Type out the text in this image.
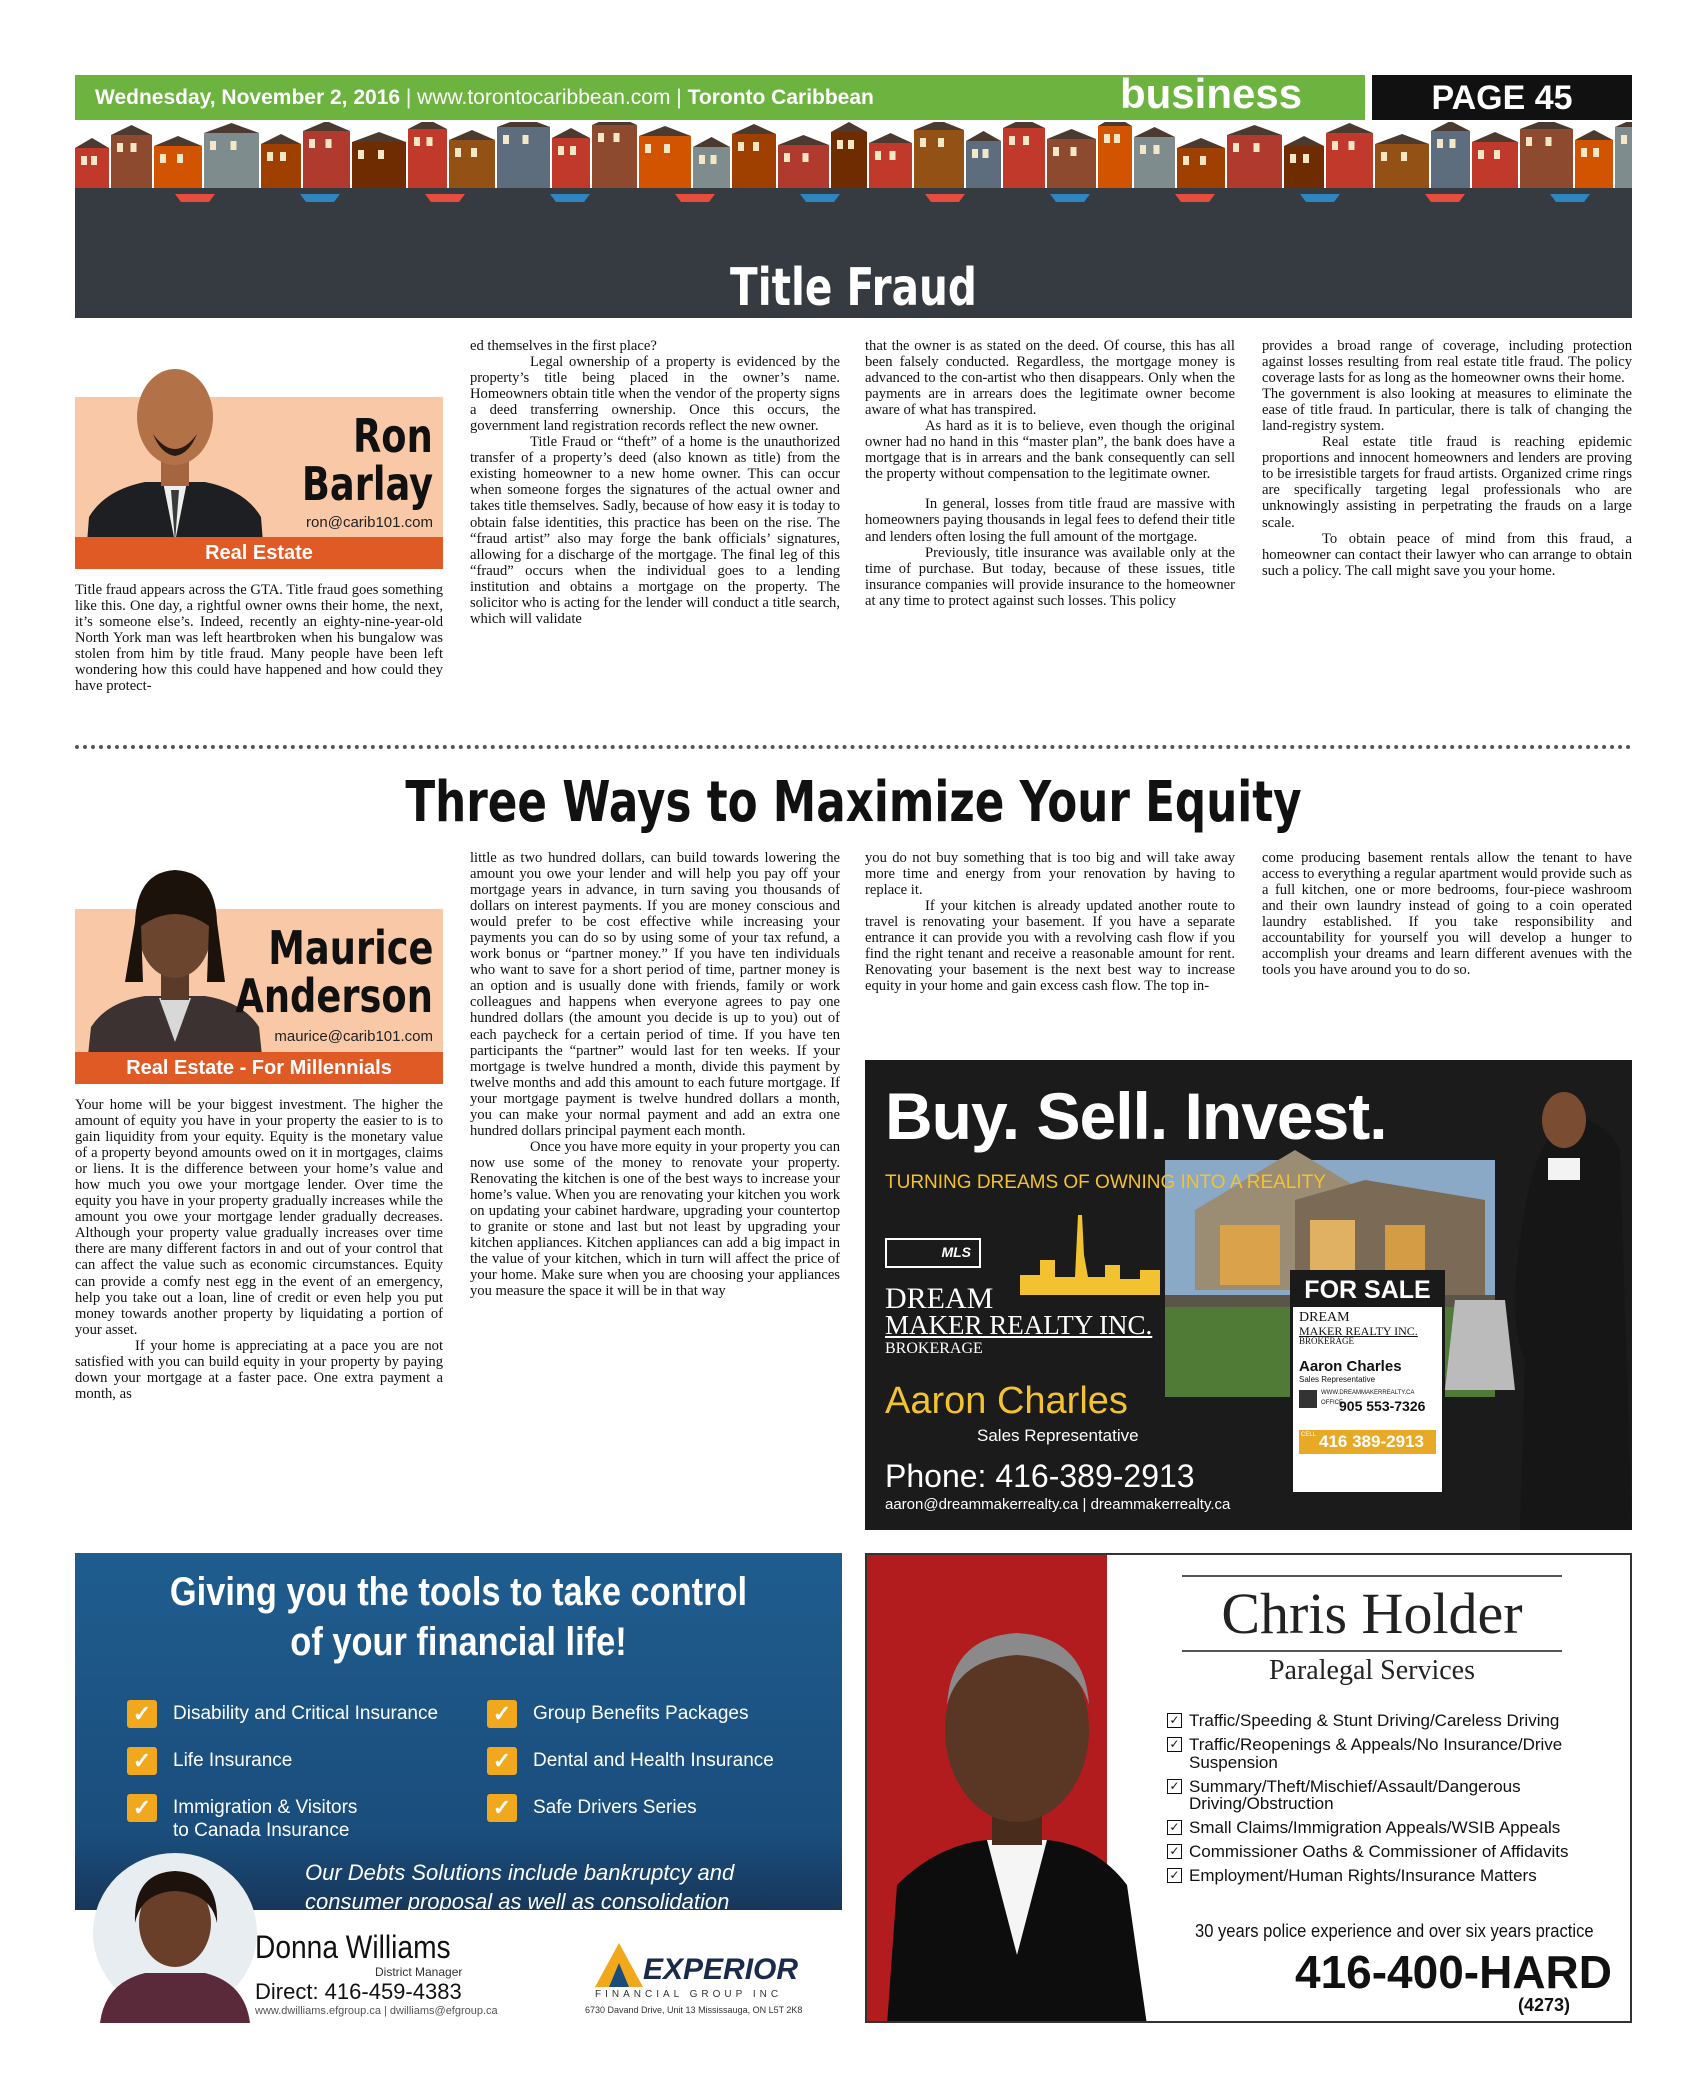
Wednesday, November 2, 2016 | www.torontocaribbean.com | Toronto Caribbean	business	PAGE 45
Title Fraud
Ron
Barlay
ron@carib101.com
Real Estate

Title fraud appears across the GTA. Title fraud goes something like this. One day, a rightful owner owns their home, the next, it’s someone else’s. Indeed, recently an eighty-nine-year-old North York man was left heartbroken when his bungalow was stolen from him by title fraud. Many people have been left wondering how this could have happened and how could they have protect-

ed themselves in the first place?

Legal ownership of a property is evidenced by the property’s title being placed in the owner’s name. Homeowners obtain title when the vendor of the property signs a deed transferring ownership. Once this occurs, the government land registration records reflect the new owner.

Title Fraud or “theft” of a home is the unauthorized transfer of a property’s deed (also known as title) from the existing homeowner to a new home owner. This can occur when someone forges the signatures of the actual owner and takes title themselves. Sadly, because of how easy it is today to obtain false identities, this practice has been on the rise. The “fraud artist” also may forge the bank officials’ signatures, allowing for a discharge of the mortgage. The final leg of this “fraud” occurs when the individual goes to a lending institution and obtains a mortgage on the property. The solicitor who is acting for the lender will conduct a title search, which will validate

that the owner is as stated on the deed. Of course, this has all been falsely conducted. Regardless, the mortgage money is advanced to the con-artist who then disappears. Only when the payments are in arrears does the legitimate owner become aware of what has transpired.

As hard as it is to believe, even though the original owner had no hand in this “master plan”, the bank does have a mortgage that is in arrears and the bank consequently can sell the property without compensation to the legitimate owner.

In general, losses from title fraud are massive with homeowners paying thousands in legal fees to defend their title and lenders often losing the full amount of the mortgage.

Previously, title insurance was available only at the time of purchase. But today, because of these issues, title insurance companies will provide insurance to the homeowner at any time to protect against such losses. This policy

provides a broad range of coverage, including protection against losses resulting from real estate title fraud. The policy coverage lasts for as long as the homeowner owns their home.

The government is also looking at measures to eliminate the ease of title fraud. In particular, there is talk of changing the land-registry system.

Real estate title fraud is reaching epidemic proportions and innocent homeowners and lenders are proving to be irresistible targets for fraud artists. Organized crime rings are specifically targeting legal professionals who are unknowingly assisting in perpetrating the frauds on a large scale.

To obtain peace of mind from this fraud, a homeowner can contact their lawyer who can arrange to obtain such a policy. The call might save you your home.

Three Ways to Maximize Your Equity
Maurice
Anderson
maurice@carib101.com
Real Estate - For Millennials

Your home will be your biggest investment. The higher the amount of equity you have in your property the easier to is to gain liquidity from your equity. Equity is the monetary value of a property beyond amounts owed on it in mortgages, claims or liens. It is the difference between your home’s value and how much you owe your mortgage lender. Over time the equity you have in your property gradually increases while the amount you owe your mortgage lender gradually decreases. Although your property value gradually increases over time there are many different factors in and out of your control that can affect the value such as economic circumstances. Equity can provide a comfy nest egg in the event of an emergency, help you take out a loan, line of credit or even help you put money towards another property by liquidating a portion of your asset.

If your home is appreciating at a pace you are not satisfied with you can build equity in your property by paying down your mortgage at a faster pace. One extra payment a month, as

little as two hundred dollars, can build towards lowering the amount you owe your lender and will help you pay off your mortgage years in advance, in turn saving you thousands of dollars on interest payments. If you are money conscious and would prefer to be cost effective while increasing your payments you can do so by using some of your tax refund, a work bonus or “partner money.” If you have ten individuals who want to save for a short period of time, partner money is an option and is usually done with friends, family or work colleagues and happens when everyone agrees to pay one hundred dollars (the amount you decide is up to you) out of each paycheck for a certain period of time. If you have ten participants the “partner” would last for ten weeks. If your mortgage is twelve hundred a month, divide this payment by twelve months and add this amount to each future mortgage. If your mortgage payment is twelve hundred dollars a month, you can make your normal payment and add an extra one hundred dollars principal payment each month.

Once you have more equity in your property you can now use some of the money to renovate your property. Renovating the kitchen is one of the best ways to increase your home’s value. When you are renovating your kitchen you work on updating your cabinet hardware, upgrading your countertop to granite or stone and last but not least by upgrading your kitchen appliances. Kitchen appliances can add a big impact in the value of your kitchen, which in turn will affect the price of your home. Make sure when you are choosing your appliances you measure the space it will be in that way

you do not buy something that is too big and will take away more time and energy from your renovation by having to replace it.

If your kitchen is already updated another route to travel is renovating your basement. If you have a separate entrance it can provide you with a revolving cash flow if you find the right tenant and receive a reasonable amount for rent. Renovating your basement is the next best way to increase equity in your home and gain excess cash flow. The top in-

come producing basement rentals allow the tenant to have access to everything a regular apartment would provide such as a full kitchen, one or more bedrooms, four-piece washroom and their own laundry instead of going to a coin operated laundry established. If you take responsibility and accountability for yourself you will develop a hunger to accomplish your dreams and learn different avenues with the tools you have around you to do so.

Buy. Sell. Invest.
TURNING DREAMS OF OWNING INTO A REALITY
MLS
DREAM
MAKER REALTY INC.
BROKERAGE
Aaron Charles
Sales Representative
Phone: 416-389-2913
aaron@dreammakerrealty.ca | dreammakerrealty.ca
FOR SALE
DREAM
MAKER REALTY INC.
BROKERAGE
Aaron Charles
Sales Representative
WWW.DREAMMAKERREALTY.CA
OFFICE
905 553-7326
CELL 416 389-2913
Giving you the tools to take control
of your financial life!
✓ Disability and Critical Insurance
✓ Life Insurance
✓ Immigration & Visitors
to Canada Insurance
✓ Group Benefits Packages
✓ Dental and Health Insurance
✓ Safe Drivers Series
Our Debts Solutions include bankruptcy and
consumer proposal as well as consolidation
Donna Williams
District Manager
Direct: 416-459-4383
www.dwilliams.efgroup.ca | dwilliams@efgroup.ca
EXPERIOR
FINANCIAL GROUP INC
6730 Davand Drive, Unit 13 Mississauga, ON L5T 2K8
Chris Holder
Paralegal Services
✓ Traffic/Speeding & Stunt Driving/Careless Driving
✓ Traffic/Reopenings & Appeals/No Insurance/Drive Suspension
✓ Summary/Theft/Mischief/Assault/Dangerous Driving/Obstruction
✓ Small Claims/Immigration Appeals/WSIB Appeals
✓ Commissioner Oaths & Commissioner of Affidavits
✓ Employment/Human Rights/Insurance Matters
30 years police experience and over six years practice
416-400-HARD
(4273)
